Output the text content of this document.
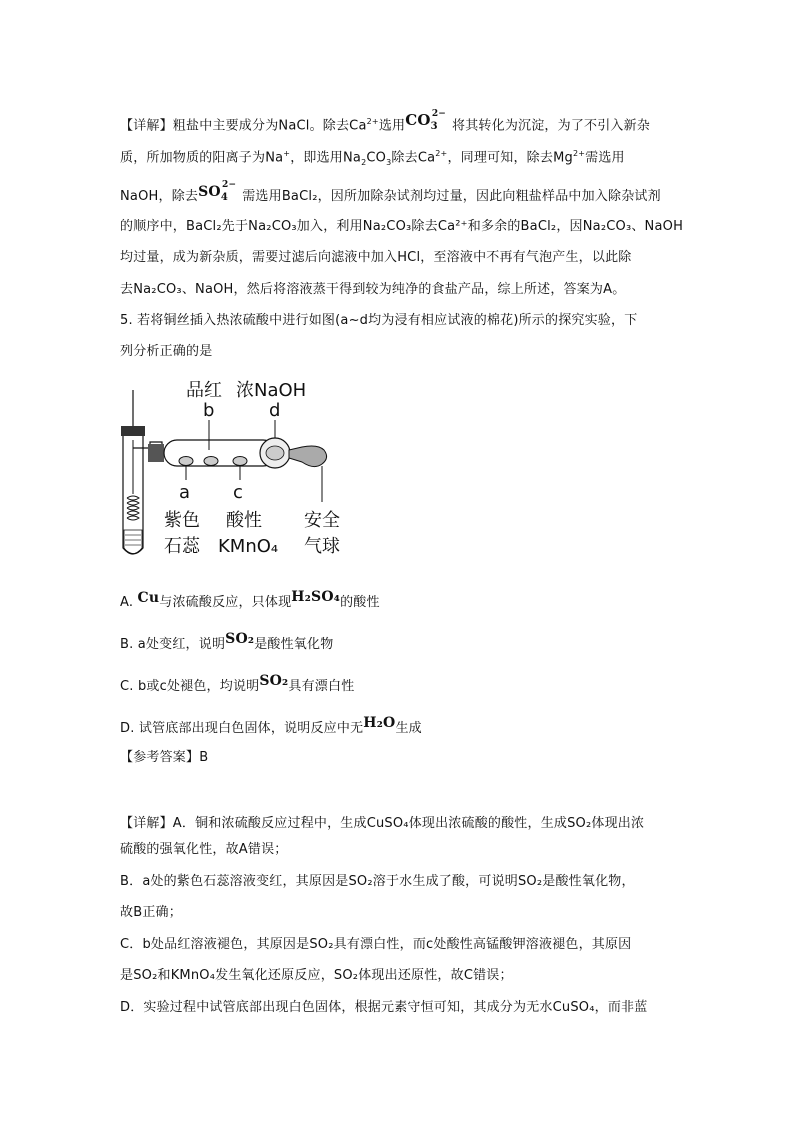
【详解】粗盐中主要成分为NaCl。除去$Ca^{2+}$选用$CO_3^{2-}$将其转化为沉淀，为了不引入新杂

质，所加物质的阳离子为Na+，即选用$Na_2CO_3$除去$Ca^{2+}$，同理可知，除去$Mg^{2+}$需选用

NaOH，除去$SO_4^{2-}$需选用BaCl₂，因所加除杂试剂均过量，因此向粗盐样品中加入除杂试剂

的顺序中，BaCl₂先于Na₂CO₃加入，利用Na₂CO₃除去Ca²⁺和多余的BaCl₂，因Na₂CO₃、NaOH

均过量，成为新杂质，需要过滤后向滤液中加入HCl，至溶液中不再有气泡产生，以此除

去Na₂CO₃、NaOH，然后将溶液蒸干得到较为纯净的食盐产品，综上所述，答案为A。

5. 若将铜丝插入热浓硫酸中进行如图(a~d均为浸有相应试液的棉花)所示的探究实验，下

列分析正确的是

品红 浓NaOH
b	d
a c
紫色
石蕊
酸性
KMnO₄
安全
气球

A. Cu与浓硫酸反应，只体现H₂SO₄的酸性

B. a处变红，说明SO₂是酸性氧化物

C. b或c处褪色，均说明SO₂具有漂白性

D. 试管底部出现白色固体，说明反应中无H₂O生成

【参考答案】B

【详解】A．铜和浓硫酸反应过程中，生成CuSO₄体现出浓硫酸的酸性，生成SO₂体现出浓

硫酸的强氧化性，故A错误；

B．a处的紫色石蕊溶液变红，其原因是SO₂溶于水生成了酸，可说明SO₂是酸性氧化物，

故B正确；

C．b处品红溶液褪色，其原因是SO₂具有漂白性，而c处酸性高锰酸钾溶液褪色，其原因

是SO₂和KMnO₄发生氧化还原反应，SO₂体现出还原性，故C错误；

D．实验过程中试管底部出现白色固体，根据元素守恒可知，其成分为无水CuSO₄，而非蓝
